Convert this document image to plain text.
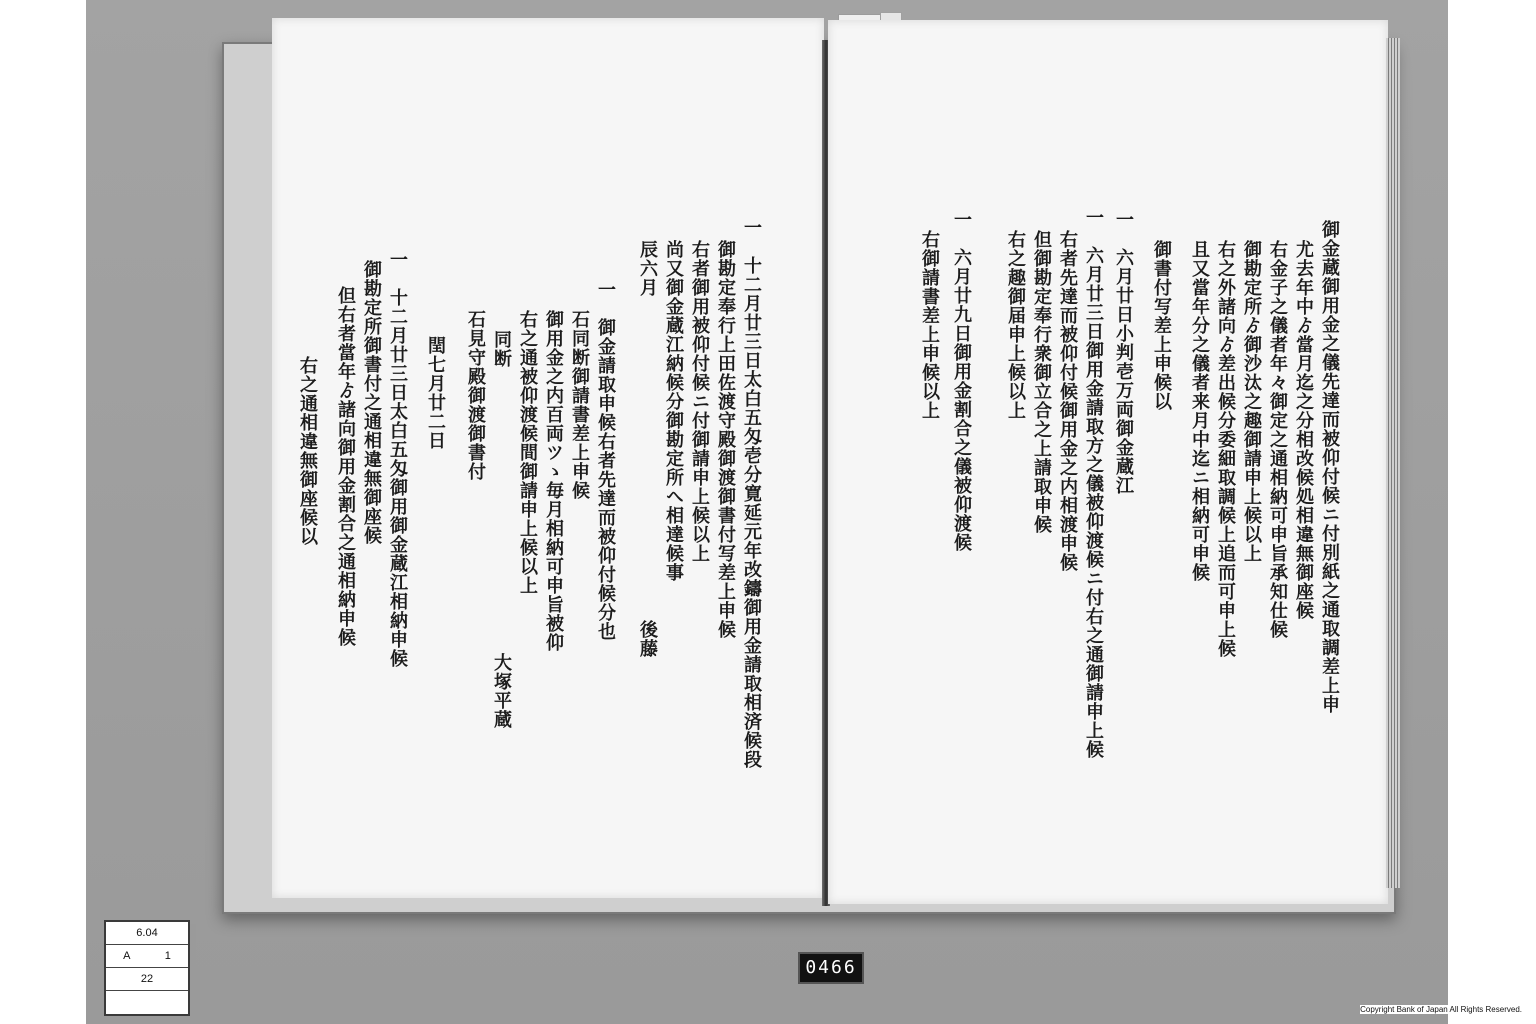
一　十二月廿三日太白五匁壱分寛延元年改鑄御用金請取相済候段
御勘定奉行上田佐渡守殿御渡御書付写差上申候
右者御用被仰付候ニ付御請申上候以上
尚又御金蔵江納候分御勘定所へ相達候事
辰六月　　　　　　　　　　　　　　　　　後藤
一　御金請取申候右者先達而被仰付候分也
石同断御請書差上申候
御用金之内百両ツゝ毎月相納可申旨被仰
右之通被仰渡候間御請申上候以上
同断　　　　　　　　　　　　　　　大塚平蔵
石見守殿御渡御書付
閏七月廿二日
一　十二月廿三日太白五匁御用御金蔵江相納申候
御勘定所御書付之通相違無御座候
但右者當年ゟ諸向御用金割合之通相納申候
右之通相違無御座候以　　　　　　　　
御金蔵御用金之儀先達而被仰付候ニ付別紙之通取調差上申
尤去年中ゟ當月迄之分相改候処相違無御座候
右金子之儀者年々御定之通相納可申旨承知仕候
御勘定所ゟ御沙汰之趣御請申上候以上
右之外諸向ゟ差出候分委細取調候上追而可申上候
且又當年分之儀者来月中迄ニ相納可申候
御書付写差上申候以
一　六月廿日小判壱万両御金蔵江
一　六月廿三日御用金請取方之儀被仰渡候ニ付右之通御請申上候
右者先達而被仰付候御用金之内相渡申候
但御勘定奉行衆御立合之上請取申候
右之趣御届申上候以上
一　六月廿九日御用金割合之儀被仰渡候
右御請書差上申候以上
6.04
A	1
22
0466
Copyright Bank of Japan All Rights Reserved.
